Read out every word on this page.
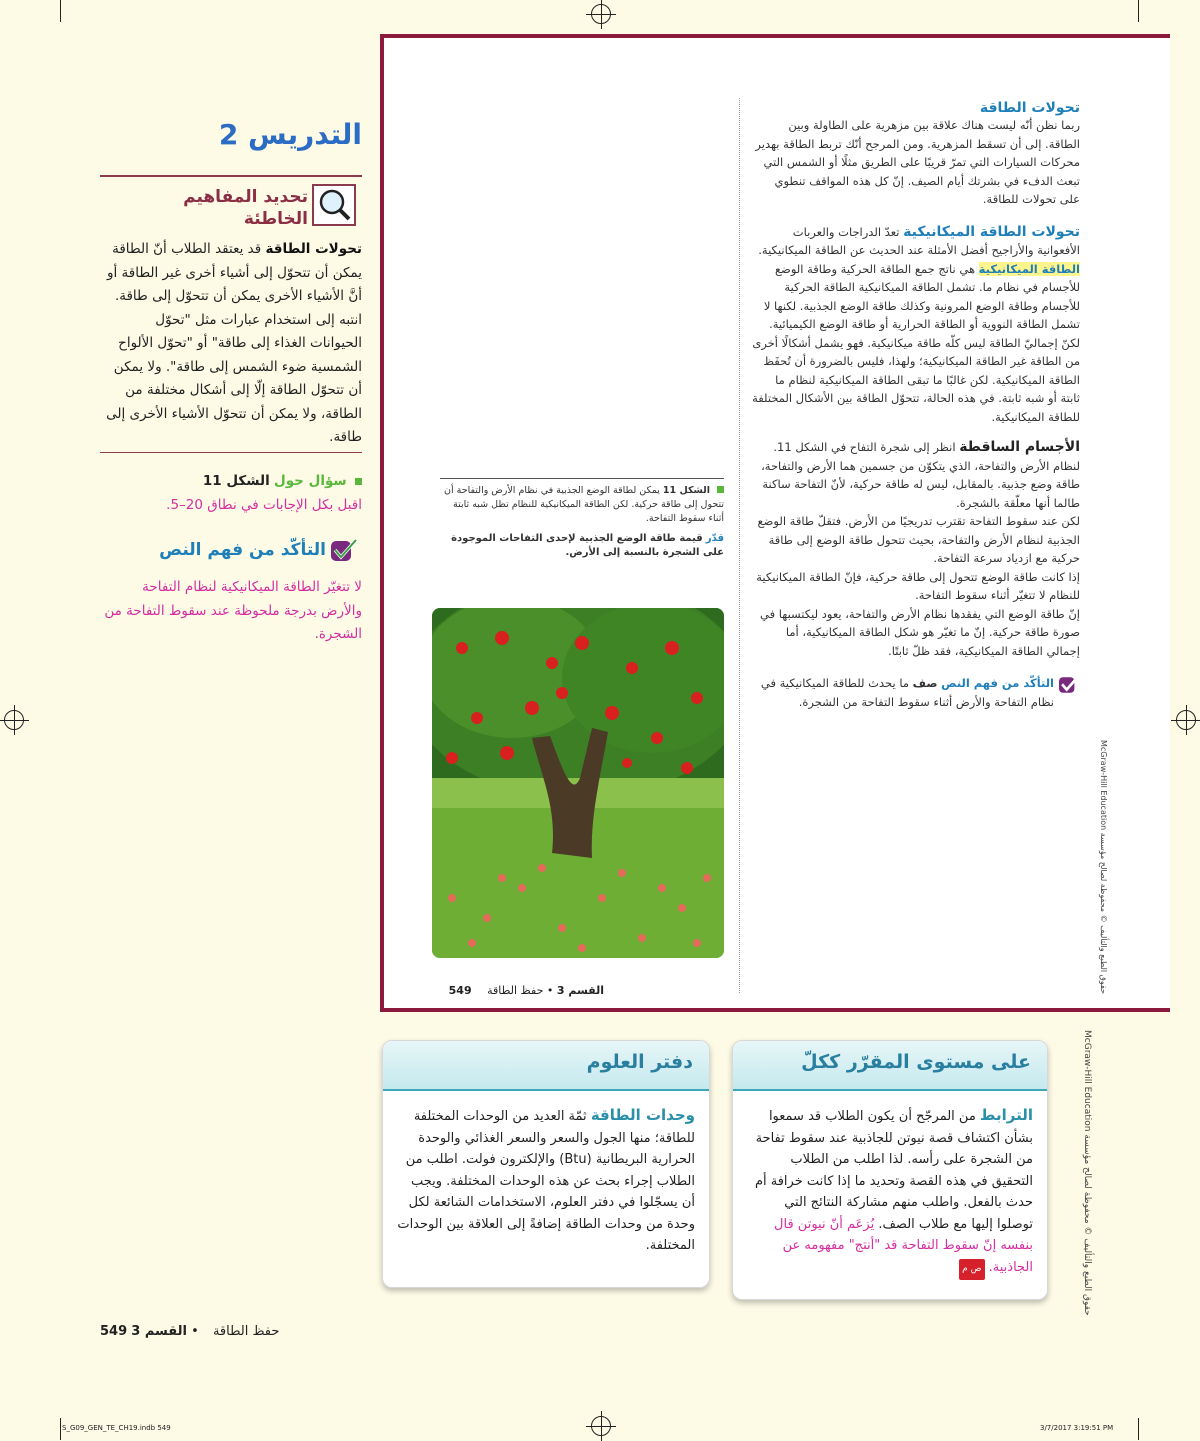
التدريس 2
تحديد المفاهيم الخاطئة
تحولات الطاقة قد يعتقد الطلاب أنّ الطاقة يمكن أن تتحوّل إلى أشياء أخرى غير الطاقة أو أنَّ الأشياء الأخرى يمكن أن تتحوّل إلى طاقة. انتبه إلى استخدام عبارات مثل "تحوّل الحيوانات الغذاء إلى طاقة" أو "تحوّل الألواح الشمسية ضوء الشمس إلى طاقة". ولا يمكن أن تتحوّل الطاقة إلّا إلى أشكال مختلفة من الطاقة، ولا يمكن أن تتحوّل الأشياء الأخرى إلى طاقة.
سؤال حول الشكل 11
اقبل بكل الإجابات في نطاق 20–5.
التأكّد من فهم النص
لا تتغيّر الطاقة الميكانيكية لنظام التفاحة والأرض بدرجة ملحوظة عند سقوط التفاحة من الشجرة.
تحولات الطاقة
ربما نظن أنّه ليست هناك علاقة بين مزهرية على الطاولة وبين الطاقة. إلى أن تسقط المزهرية. ومن المرجح أنّك تربط الطاقة بهدير محركات السيارات التي تمرّ قريبًا على الطريق مثلًا أو الشمس التي تبعث الدفء في بشرتك أيام الصيف. إنّ كل هذه المواقف تنطوي على تحولات للطاقة.
تحولات الطاقة الميكانيكية تعدّ الدراجات والعربات الأفعوانية والأراجيح أفضل الأمثلة عند الحديث عن الطاقة الميكانيكية. الطاقة الميكانيكية هي ناتج جمع الطاقة الحركية وطاقة الوضع للأجسام في نظام ما. تشمل الطاقة الميكانيكية الطاقة الحركية للأجسام وطاقة الوضع المرونية وكذلك طاقة الوضع الجذبية. لكنها لا تشمل الطاقة النووية أو الطاقة الحرارية أو طاقة الوضع الكيميائية.
لكنّ إجماليّ الطاقة ليس كلّه طاقة ميكانيكية. فهو يشمل أشكالًا أخرى من الطاقة غير الطاقة الميكانيكية؛ ولهذا، فليس بالضرورة أن تُحفَظ الطاقة الميكانيكية. لكن غالبًا ما تبقى الطاقة الميكانيكية لنظام ما ثابتة أو شبه ثابتة. في هذه الحالة، تتحوّل الطاقة بين الأشكال المختلفة للطاقة الميكانيكية.
الأجسام الساقطة انظر إلى شجرة التفاح في الشكل 11. لنظام الأرض والتفاحة، الذي يتكوّن من جسمين هما الأرض والتفاحة، طاقة وضع جذبية. بالمقابل، ليس له طاقة حركية، لأنّ التفاحة ساكنة طالما أنها معلّقة بالشجرة.
لكن عند سقوط التفاحة تقترب تدريجيًا من الأرض. فتقلّ طاقة الوضع الجذبية لنظام الأرض والتفاحة، بحيث تتحول طاقة الوضع إلى طاقة حركية مع ازدياد سرعة التفاحة.
إذا كانت طاقة الوضع تتحول إلى طاقة حركية، فإنّ الطاقة الميكانيكية للنظام لا تتغيّر أثناء سقوط التفاحة.
إنّ طاقة الوضع التي يفقدها نظام الأرض والتفاحة، يعود ليكتسبها في صورة طاقة حركية. إنّ ما تغيّر هو شكل الطاقة الميكانيكية، أما إجمالي الطاقة الميكانيكية، فقد ظلّ ثابتًا.
التأكّد من فهم النص صف ما يحدث للطاقة الميكانيكية في نظام التفاحة والأرض أثناء سقوط التفاحة من الشجرة.
الشكل 11 يمكن لطاقة الوضع الجذبية في نظام الأرض والتفاحة أن تتحول إلى طاقة حركية. لكن الطاقة الميكانيكية للنظام تظل شبه ثابتة أثناء سقوط التفاحة.
قدّر قيمة طاقة الوضع الجذبية لإحدى التفاحات الموجودة على الشجرة بالنسبة إلى الأرض.
القسم 3 • حفظ الطاقة 549
McGraw-Hill Education حقوق الطبع والتأليف © محفوظة لصالح مؤسسة
McGraw-Hill Education حقوق الطبع والتأليف © محفوظة لصالح مؤسسة
على مستوى المقرّر ككلّ
الترابط من المرجّح أن يكون الطلاب قد سمعوا بشأن اكتشاف قصة نيوتن للجاذبية عند سقوط تفاحة من الشجرة على رأسه. لذا اطلب من الطلاب التحقيق في هذه القصة وتحديد ما إذا كانت خرافة أم حدث بالفعل. واطلب منهم مشاركة النتائج التي توصلوا إليها مع طلاب الصف. يُزعَم أنّ نيوتن قال بنفسه إنّ سقوط التفاحة قد "أنتج" مفهومه عن الجاذبية. ص م
دفتر العلوم
وحدات الطاقة ثمّة العديد من الوحدات المختلفة للطاقة؛ منها الجول والسعر والسعر الغذائي والوحدة الحرارية البريطانية (Btu) والإلكترون فولت. اطلب من الطلاب إجراء بحث عن هذه الوحدات المختلفة. ويجب أن يسجّلوا في دفتر العلوم، الاستخدامات الشائعة لكل وحدة من وحدات الطاقة إضافةً إلى العلاقة بين الوحدات المختلفة.
549	حفظ الطاقة • القسم 3
S_G09_GEN_TE_CH19.indb 549	3/7/2017 3:19:51 PM
